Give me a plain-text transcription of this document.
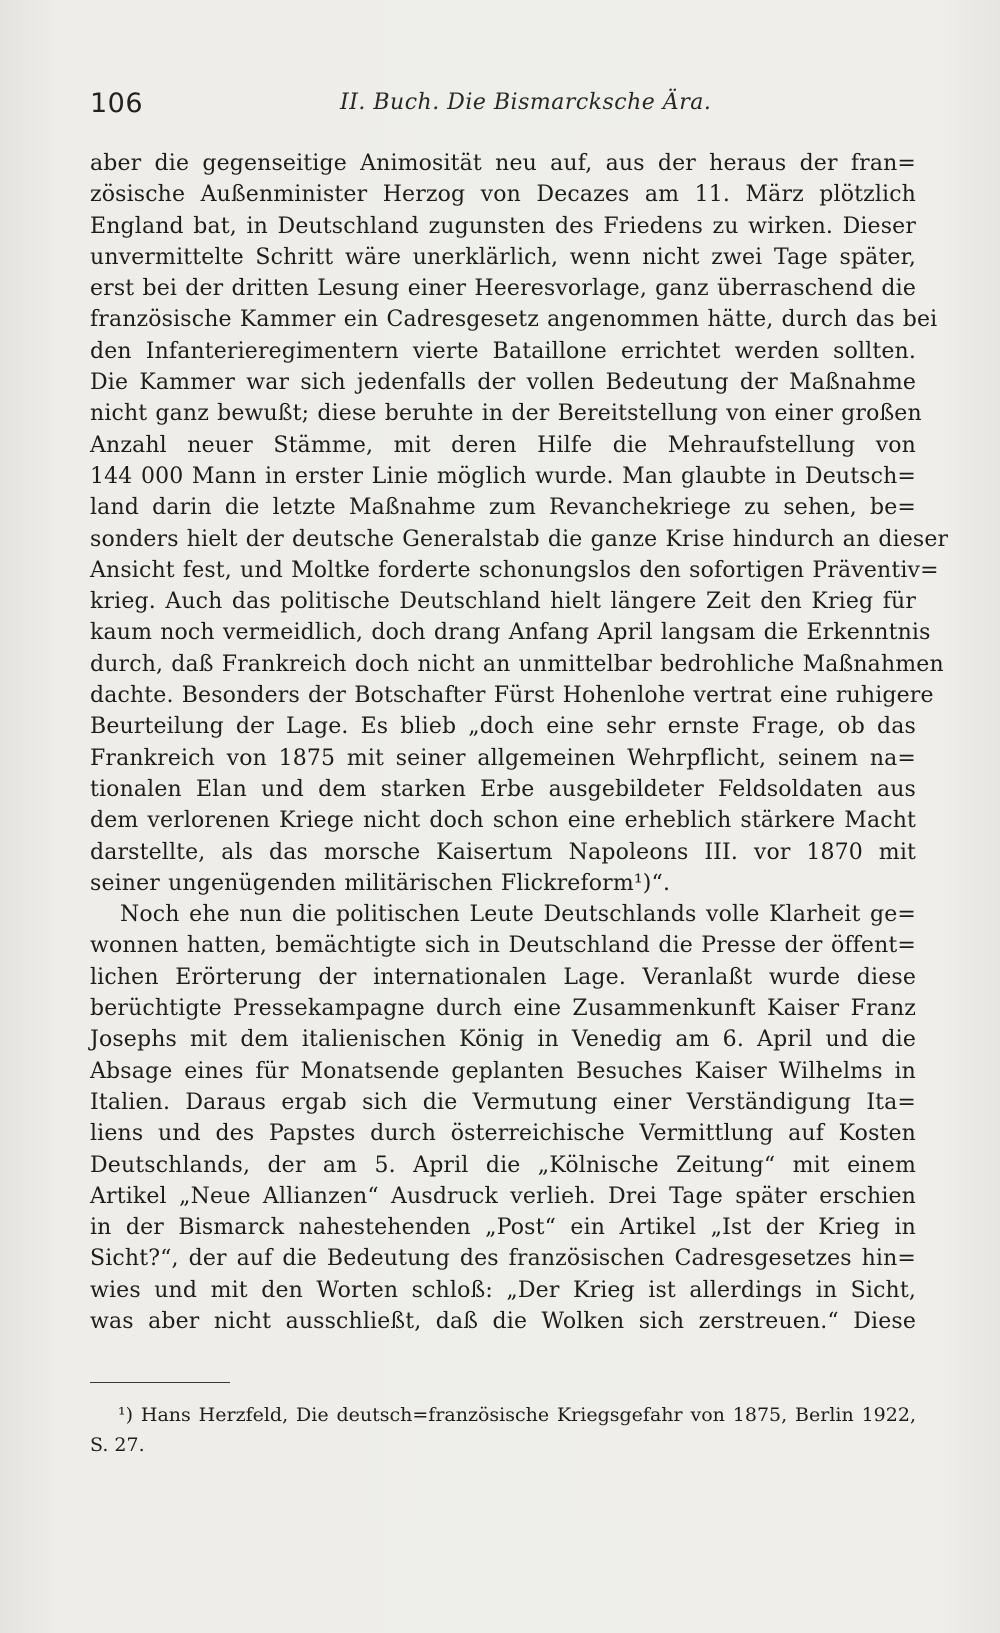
106	II. Buch. Die Bismarcksche Ära.
aber die gegenseitige Animosität neu auf, aus der heraus der fran=
zösische Außenminister Herzog von Decazes am 11. März plötzlich
England bat, in Deutschland zugunsten des Friedens zu wirken. Dieser
unvermittelte Schritt wäre unerklärlich, wenn nicht zwei Tage später,
erst bei der dritten Lesung einer Heeresvorlage, ganz überraschend die
französische Kammer ein Cadresgesetz angenommen hätte, durch das bei
den Infanterieregimentern vierte Bataillone errichtet werden sollten.
Die Kammer war sich jedenfalls der vollen Bedeutung der Maßnahme
nicht ganz bewußt; diese beruhte in der Bereitstellung von einer großen
Anzahl neuer Stämme, mit deren Hilfe die Mehraufstellung von
144 000 Mann in erster Linie möglich wurde. Man glaubte in Deutsch=
land darin die letzte Maßnahme zum Revanchekriege zu sehen, be=
sonders hielt der deutsche Generalstab die ganze Krise hindurch an dieser
Ansicht fest, und Moltke forderte schonungslos den sofortigen Präventiv=
krieg. Auch das politische Deutschland hielt längere Zeit den Krieg für
kaum noch vermeidlich, doch drang Anfang April langsam die Erkenntnis
durch, daß Frankreich doch nicht an unmittelbar bedrohliche Maßnahmen
dachte. Besonders der Botschafter Fürst Hohenlohe vertrat eine ruhigere
Beurteilung der Lage. Es blieb „doch eine sehr ernste Frage, ob das
Frankreich von 1875 mit seiner allgemeinen Wehrpflicht, seinem na=
tionalen Elan und dem starken Erbe ausgebildeter Feldsoldaten aus
dem verlorenen Kriege nicht doch schon eine erheblich stärkere Macht
darstellte, als das morsche Kaisertum Napoleons III. vor 1870 mit
seiner ungenügenden militärischen Flickreform¹)“.
Noch ehe nun die politischen Leute Deutschlands volle Klarheit ge=
wonnen hatten, bemächtigte sich in Deutschland die Presse der öffent=
lichen Erörterung der internationalen Lage. Veranlaßt wurde diese
berüchtigte Pressekampagne durch eine Zusammenkunft Kaiser Franz
Josephs mit dem italienischen König in Venedig am 6. April und die
Absage eines für Monatsende geplanten Besuches Kaiser Wilhelms in
Italien. Daraus ergab sich die Vermutung einer Verständigung Ita=
liens und des Papstes durch österreichische Vermittlung auf Kosten
Deutschlands, der am 5. April die „Kölnische Zeitung“ mit einem
Artikel „Neue Allianzen“ Ausdruck verlieh. Drei Tage später erschien
in der Bismarck nahestehenden „Post“ ein Artikel „Ist der Krieg in
Sicht?“, der auf die Bedeutung des französischen Cadresgesetzes hin=
wies und mit den Worten schloß: „Der Krieg ist allerdings in Sicht,
was aber nicht ausschließt, daß die Wolken sich zerstreuen.“ Diese
¹) Hans Herzfeld, Die deutsch=französische Kriegsgefahr von 1875, Berlin 1922,
S. 27.
